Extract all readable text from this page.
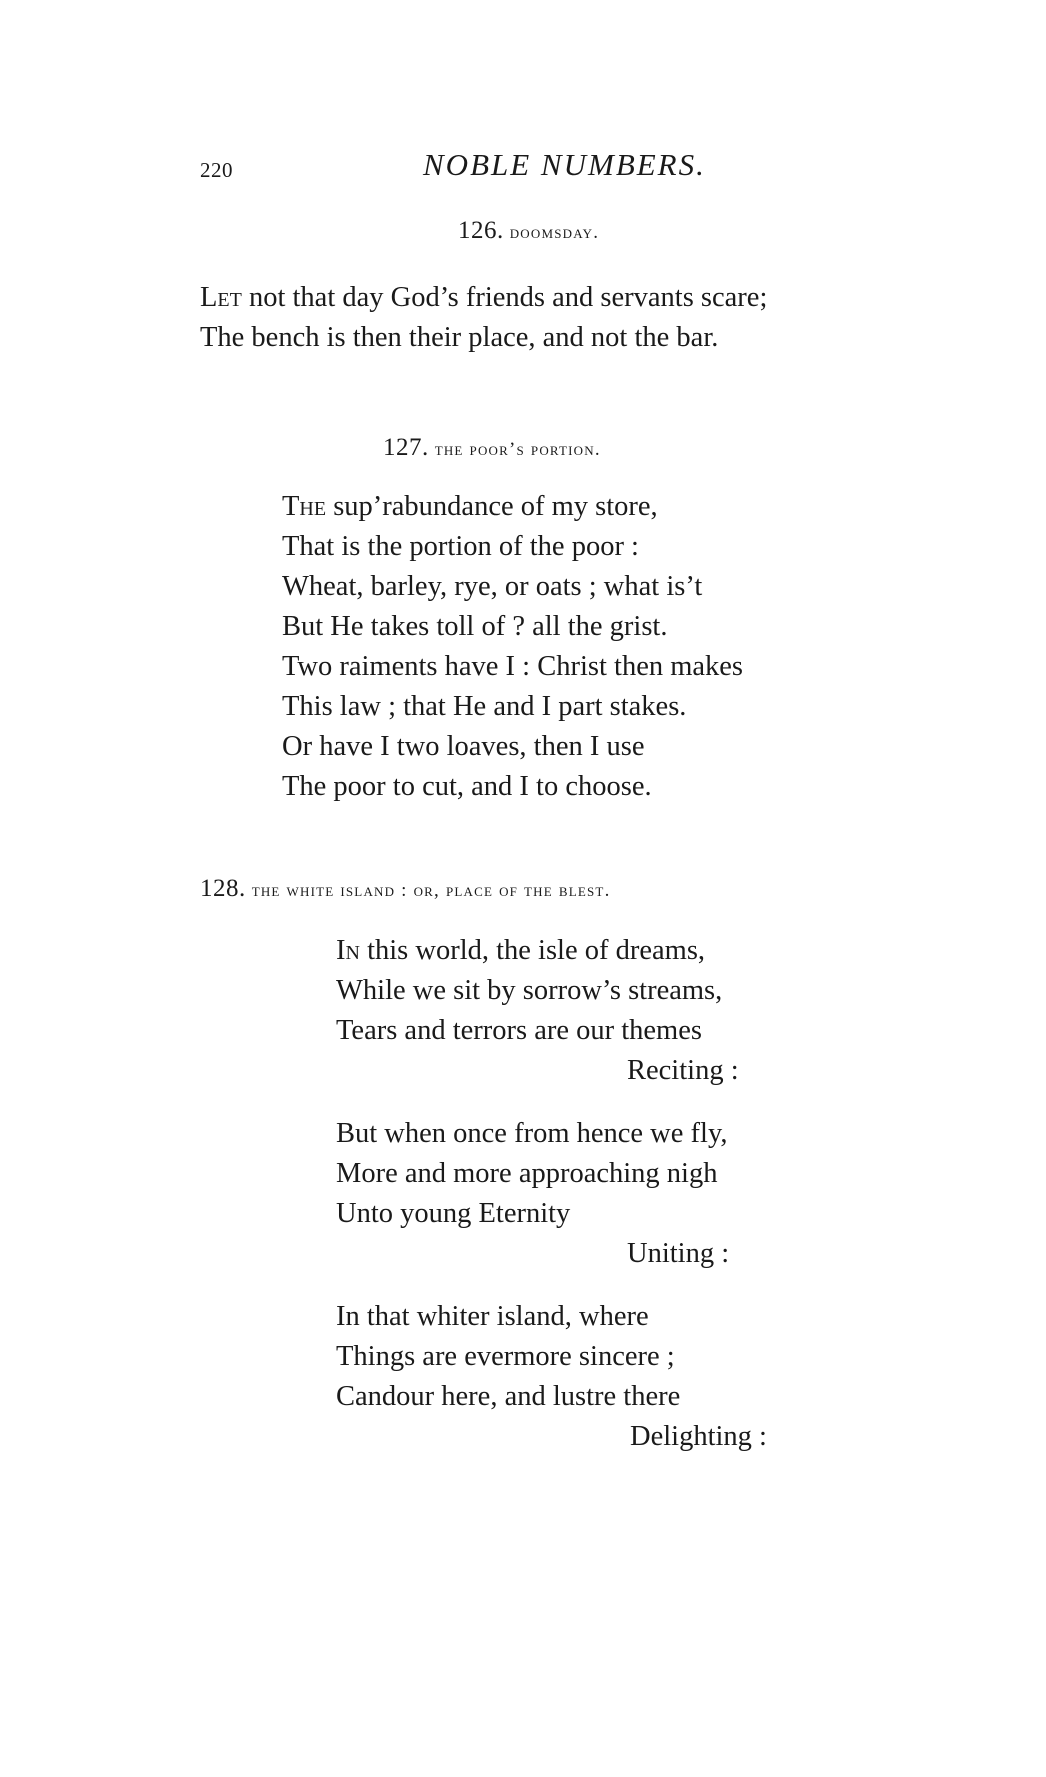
220	NOBLE NUMBERS.
126. doomsday.
Let not that day God’s friends and servants scare;
The bench is then their place, and not the bar.
127. the poor’s portion.
The sup’rabundance of my store,
That is the portion of the poor :
Wheat, barley, rye, or oats ; what is’t
But He takes toll of ? all the grist.
Two raiments have I : Christ then makes
This law ; that He and I part stakes.
Or have I two loaves, then I use
The poor to cut, and I to choose.
128. the white island : or, place of the blest.
In this world, the isle of dreams,
While we sit by sorrow’s streams,
Tears and terrors are our themes
Reciting :
But when once from hence we fly,
More and more approaching nigh
Unto young Eternity
Uniting :
In that whiter island, where
Things are evermore sincere ;
Candour here, and lustre there
Delighting :
